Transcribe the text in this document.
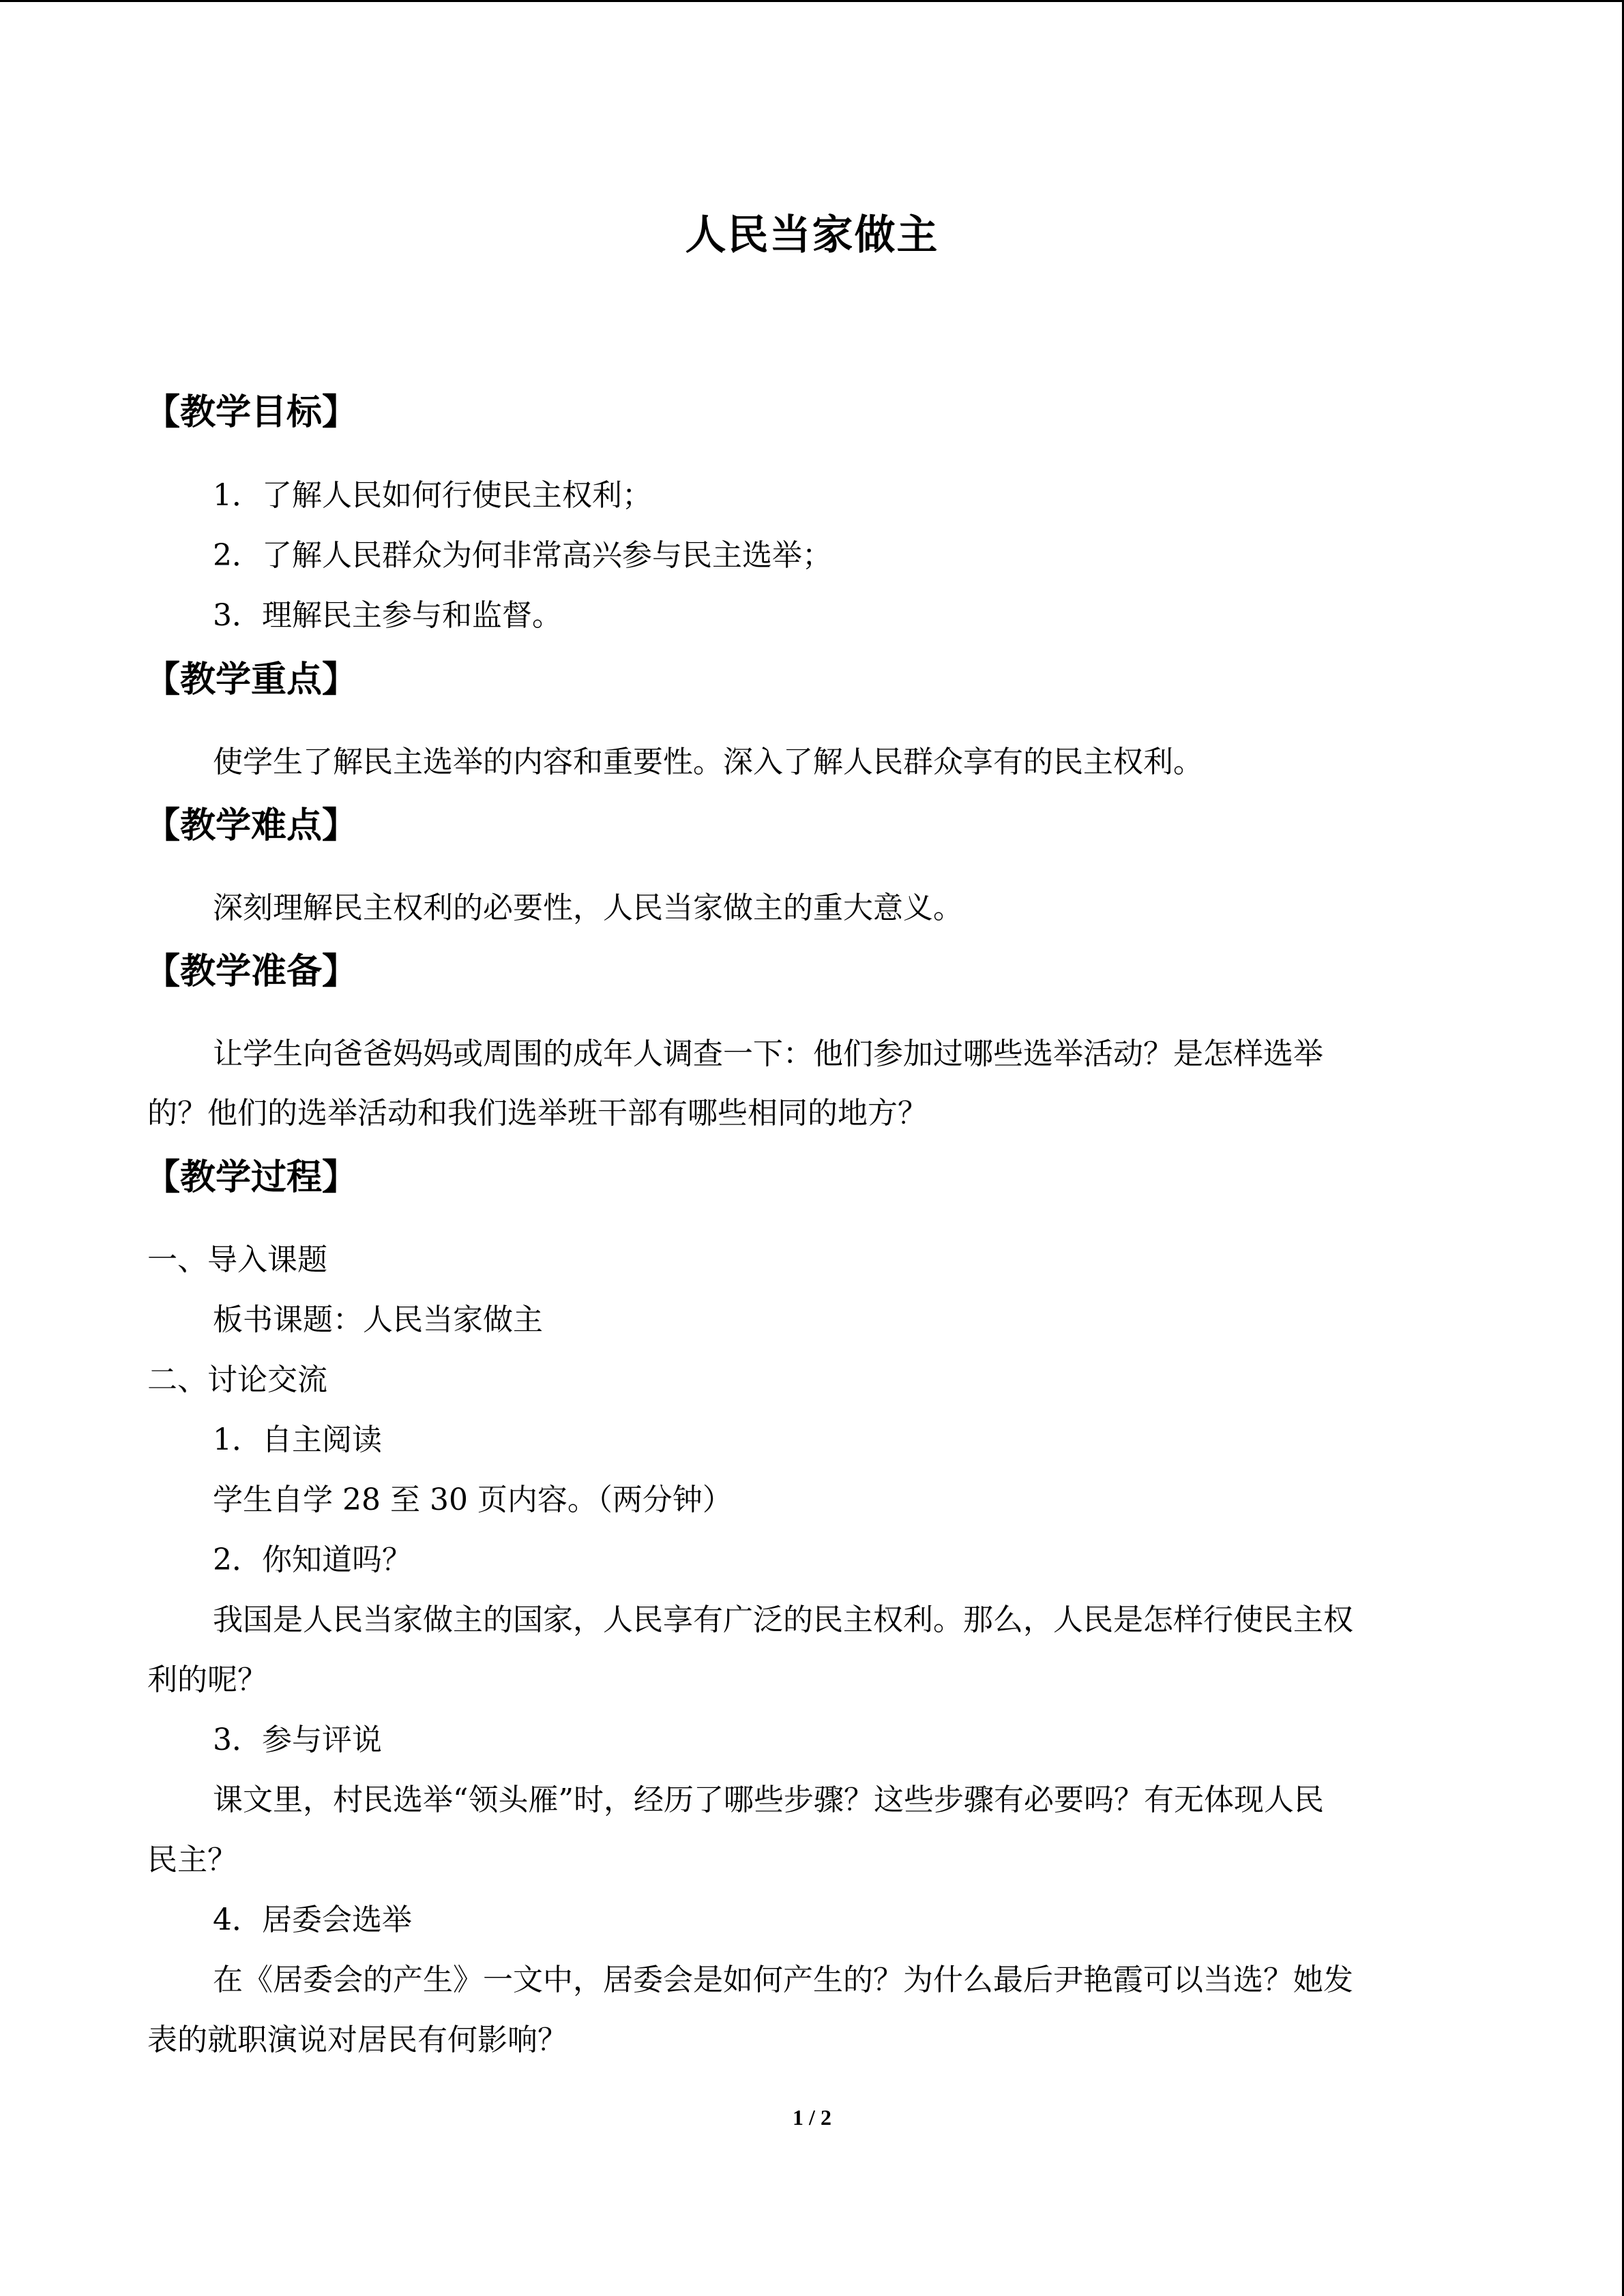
人民当家做主
【教学目标】
1．了解人民如何行使民主权利；
2．了解人民群众为何非常高兴参与民主选举；
3．理解民主参与和监督。
【教学重点】
使学生了解民主选举的内容和重要性。深入了解人民群众享有的民主权利。
【教学难点】
深刻理解民主权利的必要性，人民当家做主的重大意义。
【教学准备】
让学生向爸爸妈妈或周围的成年人调查一下：他们参加过哪些选举活动？是怎样选举
的？他们的选举活动和我们选举班干部有哪些相同的地方？
【教学过程】
一、导入课题
板书课题：人民当家做主
二、讨论交流
1．自主阅读
学生自学 28 至 30 页内容。（两分钟）
2．你知道吗？
我国是人民当家做主的国家，人民享有广泛的民主权利。那么，人民是怎样行使民主权
利的呢？
3．参与评说
课文里，村民选举“领头雁”时，经历了哪些步骤？这些步骤有必要吗？有无体现人民
民主？
4．居委会选举
在《居委会的产生》一文中，居委会是如何产生的？为什么最后尹艳霞可以当选？她发
表的就职演说对居民有何影响？
1 / 2
